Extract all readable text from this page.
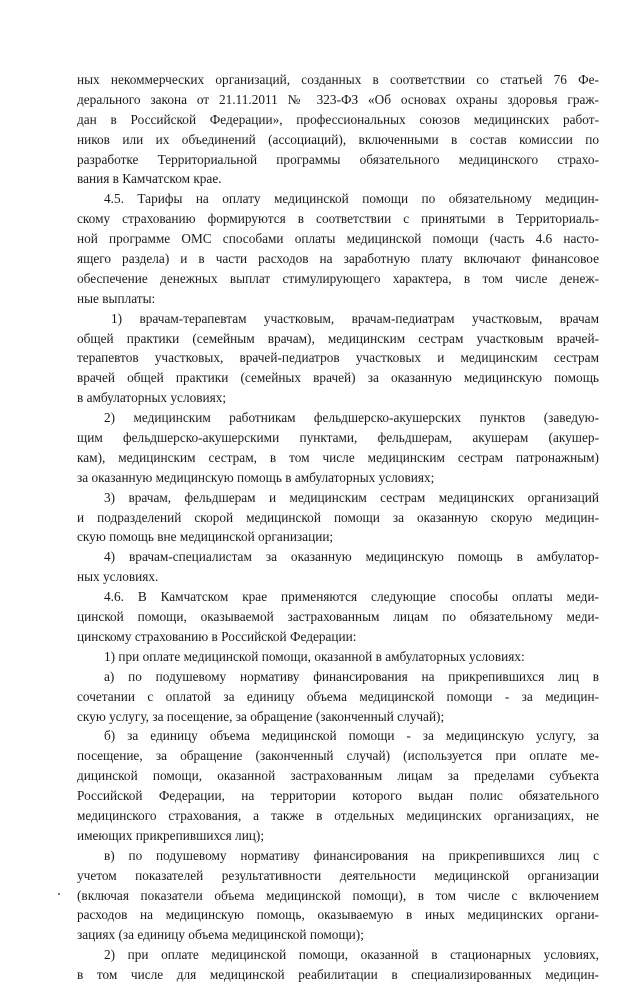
ных некоммерческих организаций, созданных в соответствии со статьей 76 Фе-
дерального закона от 21.11.2011 № 323-ФЗ «Об основах охраны здоровья граж-
дан в Российской Федерации», профессиональных союзов медицинских работ-
ников или их объединений (ассоциаций), включенными в состав комиссии по
разработке Территориальной программы обязательного медицинского страхо-
вания в Камчатском крае.
4.5. Тарифы на оплату медицинской помощи по обязательному медицин-
скому страхованию формируются в соответствии с принятыми в Территориаль-
ной программе ОМС способами оплаты медицинской помощи (часть 4.6 насто-
ящего раздела) и в части расходов на заработную плату включают финансовое
обеспечение денежных выплат стимулирующего характера, в том числе денеж-
ные выплаты:
1) врачам-терапевтам участковым, врачам-педиатрам участковым, врачам
общей практики (семейным врачам), медицинским сестрам участковым врачей-
терапевтов участковых, врачей-педиатров участковых и медицинским сестрам
врачей общей практики (семейных врачей) за оказанную медицинскую помощь
в амбулаторных условиях;
2) медицинским работникам фельдшерско-акушерских пунктов (заведую-
щим фельдшерско-акушерскими пунктами, фельдшерам, акушерам (акушер-
кам), медицинским сестрам, в том числе медицинским сестрам патронажным)
за оказанную медицинскую помощь в амбулаторных условиях;
3) врачам, фельдшерам и медицинским сестрам медицинских организаций
и подразделений скорой медицинской помощи за оказанную скорую медицин-
скую помощь вне медицинской организации;
4) врачам-специалистам за оказанную медицинскую помощь в амбулатор-
ных условиях.
4.6. В Камчатском крае применяются следующие способы оплаты меди-
цинской помощи, оказываемой застрахованным лицам по обязательному меди-
цинскому страхованию в Российской Федерации:
1) при оплате медицинской помощи, оказанной в амбулаторных условиях:
а) по подушевому нормативу финансирования на прикрепившихся лиц в
сочетании с оплатой за единицу объема медицинской помощи - за медицин-
скую услугу, за посещение, за обращение (законченный случай);
б) за единицу объема медицинской помощи - за медицинскую услугу, за
посещение, за обращение (законченный случай) (используется при оплате ме-
дицинской помощи, оказанной застрахованным лицам за пределами субъекта
Российской Федерации, на территории которого выдан полис обязательного
медицинского страхования, а также в отдельных медицинских организациях, не
имеющих прикрепившихся лиц);
в) по подушевому нормативу финансирования на прикрепившихся лиц с
учетом показателей результативности деятельности медицинской организации
(включая показатели объема медицинской помощи), в том числе с включением
расходов на медицинскую помощь, оказываемую в иных медицинских органи-
зациях (за единицу объема медицинской помощи);
2) при оплате медицинской помощи, оказанной в стационарных условиях,
в том числе для медицинской реабилитации в специализированных медицин-
